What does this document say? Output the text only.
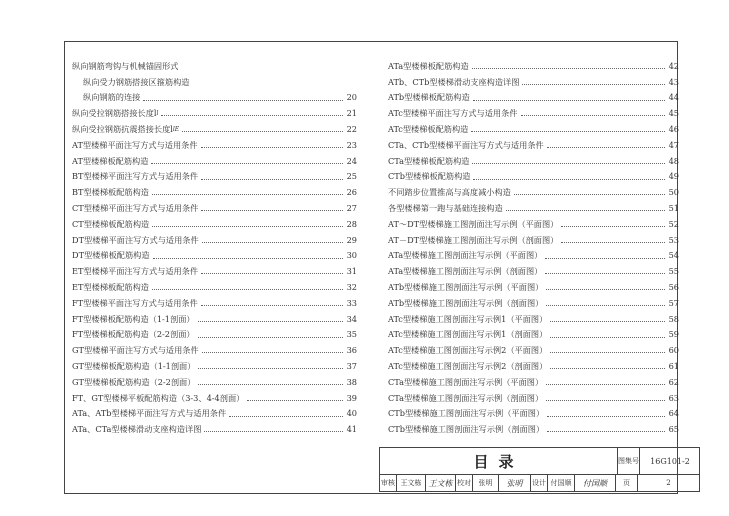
纵向钢筋弯钩与机械锚固形式
纵向受力钢筋搭接区箍筋构造
纵向钢筋的连接	20
纵向受拉钢筋搭接长度l l	21
纵向受拉钢筋抗震搭接长度l lE	22
AT型楼梯平面注写方式与适用条件	23
AT型楼梯板配筋构造	24
BT型楼梯平面注写方式与适用条件	25
BT型楼梯板配筋构造	26
CT型楼梯平面注写方式与适用条件	27
CT型楼梯板配筋构造	28
DT型楼梯平面注写方式与适用条件	29
DT型楼梯板配筋构造	30
ET型楼梯平面注写方式与适用条件	31
ET型楼梯板配筋构造	32
FT型楼梯平面注写方式与适用条件	33
FT型楼梯板配筋构造（1-1剖面）	34
FT型楼梯板配筋构造（2-2剖面）	35
GT型楼梯平面注写方式与适用条件	36
GT型楼梯板配筋构造（1-1剖面）	37
GT型楼梯板配筋构造（2-2剖面）	38
FT、GT型楼梯平板配筋构造（3-3、4-4剖面）	39
ATa、ATb型楼梯平面注写方式与适用条件	40
ATa、CTa型楼梯滑动支座构造详图	41
ATa型楼梯板配筋构造	42
ATb、CTb型楼梯滑动支座构造详图	43
ATb型楼梯板配筋构造	44
ATc型楼梯平面注写方式与适用条件	45
ATc型楼梯板配筋构造	46
CTa、CTb型楼梯平面注写方式与适用条件	47
CTa型楼梯板配筋构造	48
CTb型楼梯板配筋构造	49
不同踏步位置推高与高度减小构造	50
各型楼梯第一跑与基础连接构造	51
AT～DT型楼梯施工图剖面注写示例（平面图）	52
AT－DT型楼梯施工图剖面注写示例（剖面图）	53
ATa型楼梯施工图剖面注写示例（平面图）	54
ATa型楼梯施工图剖面注写示例（剖面图）	55
ATb型楼梯施工图剖面注写示例（平面图）	56
ATb型楼梯施工图剖面注写示例（剖面图）	57
ATc型楼梯施工图剖面注写示例1（平面图）	58
ATc型楼梯施工图剖面注写示例1（剖面图）	59
ATc型楼梯施工图剖面注写示例2（平面图）	60
ATc型楼梯施工图剖面注写示例2（剖面图）	61
CTa型楼梯施工图剖面注写示例（平面图）	62
CTa型楼梯施工图剖面注写示例（剖面图）	63
CTb型楼梯施工图剖面注写示例（平面图）	64
CTb型楼梯施工图剖面注写示例（剖面图）	65
目录	图集号	16G101-2
审核 王文栋 王文栋 校对	张明	张明	设计 付国顺	付国顺	页	2
